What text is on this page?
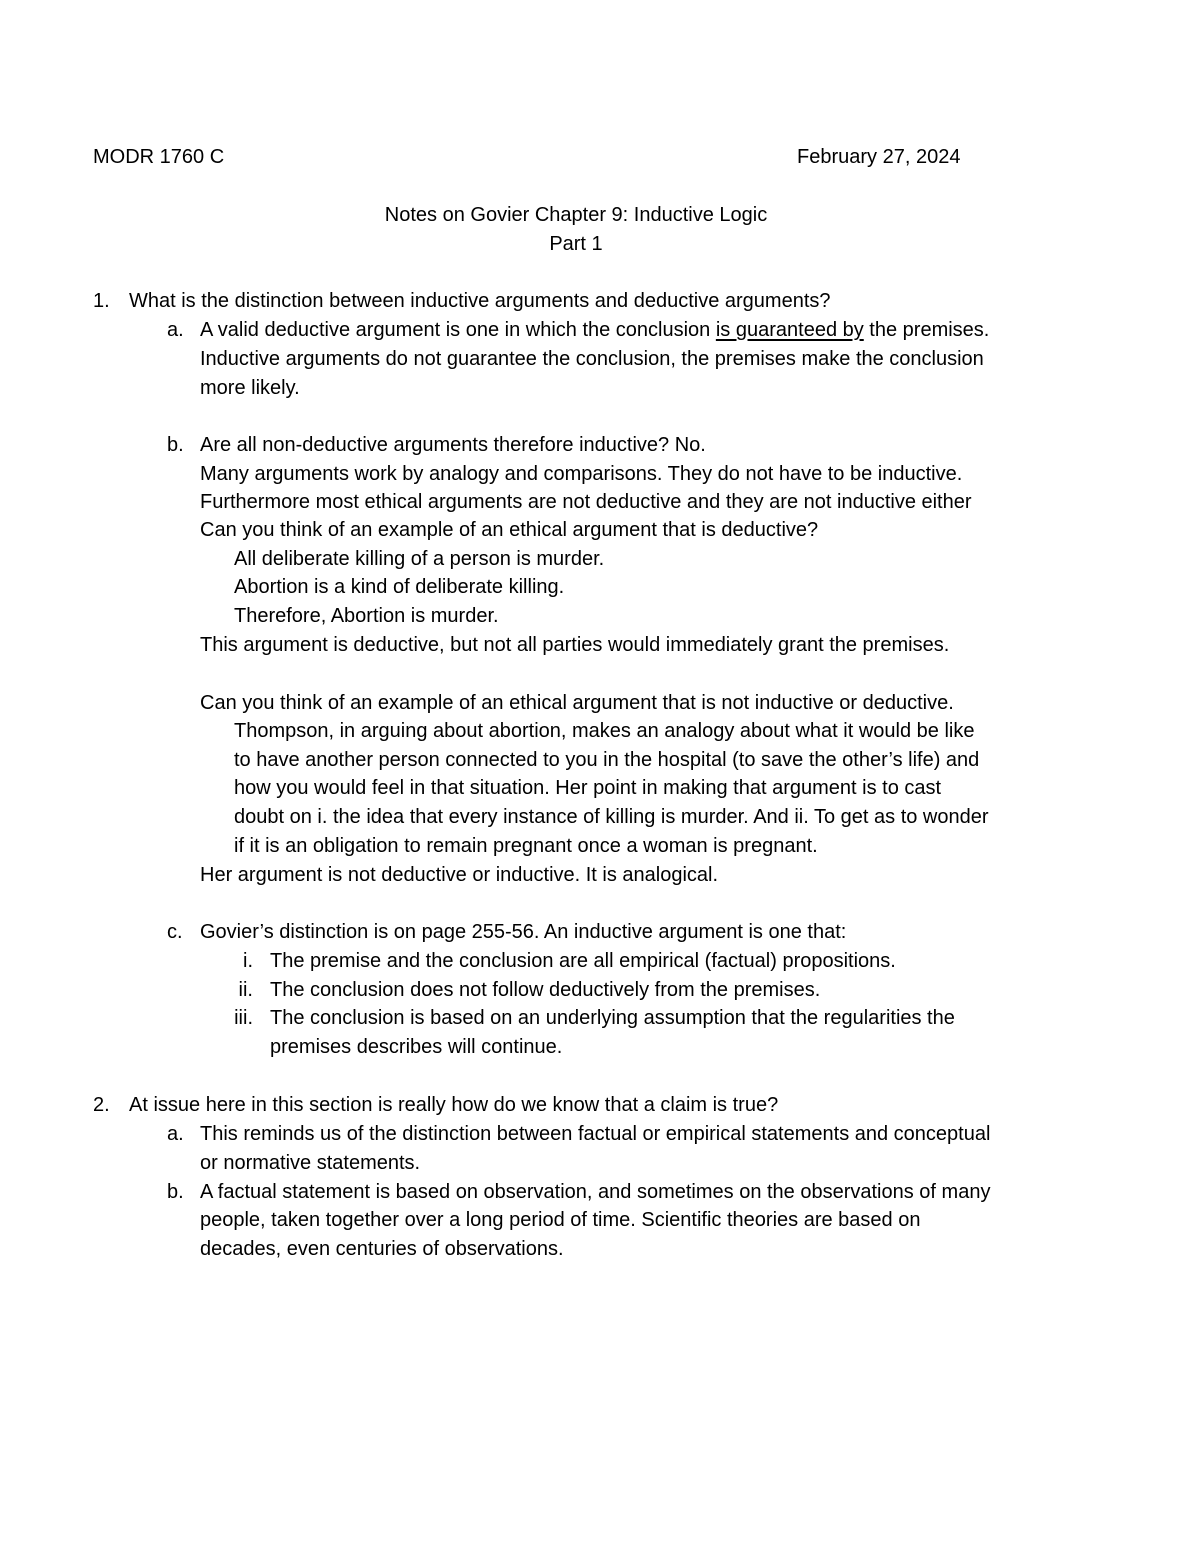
MODR 1760 C	February 27, 2024
Notes on Govier Chapter 9: Inductive Logic
Part 1
1. What is the distinction between inductive arguments and deductive arguments?
a. A valid deductive argument is one in which the conclusion is guaranteed by the premises.
Inductive arguments do not guarantee the conclusion, the premises make the conclusion
more likely.
b. Are all non-deductive arguments therefore inductive? No.
Many arguments work by analogy and comparisons. They do not have to be inductive.
Furthermore most ethical arguments are not deductive and they are not inductive either
Can you think of an example of an ethical argument that is deductive?
All deliberate killing of a person is murder.
Abortion is a kind of deliberate killing.
Therefore, Abortion is murder.
This argument is deductive, but not all parties would immediately grant the premises.
Can you think of an example of an ethical argument that is not inductive or deductive.
Thompson, in arguing about abortion, makes an analogy about what it would be like
to have another person connected to you in the hospital (to save the other’s life) and
how you would feel in that situation. Her point in making that argument is to cast
doubt on i. the idea that every instance of killing is murder. And ii. To get as to wonder
if it is an obligation to remain pregnant once a woman is pregnant.
Her argument is not deductive or inductive. It is analogical.
c. Govier’s distinction is on page 255-56. An inductive argument is one that:
i. The premise and the conclusion are all empirical (factual) propositions.
ii. The conclusion does not follow deductively from the premises.
iii. The conclusion is based on an underlying assumption that the regularities the
premises describes will continue.
2. At issue here in this section is really how do we know that a claim is true?
a. This reminds us of the distinction between factual or empirical statements and conceptual
or normative statements.
b. A factual statement is based on observation, and sometimes on the observations of many
people, taken together over a long period of time. Scientific theories are based on
decades, even centuries of observations.
